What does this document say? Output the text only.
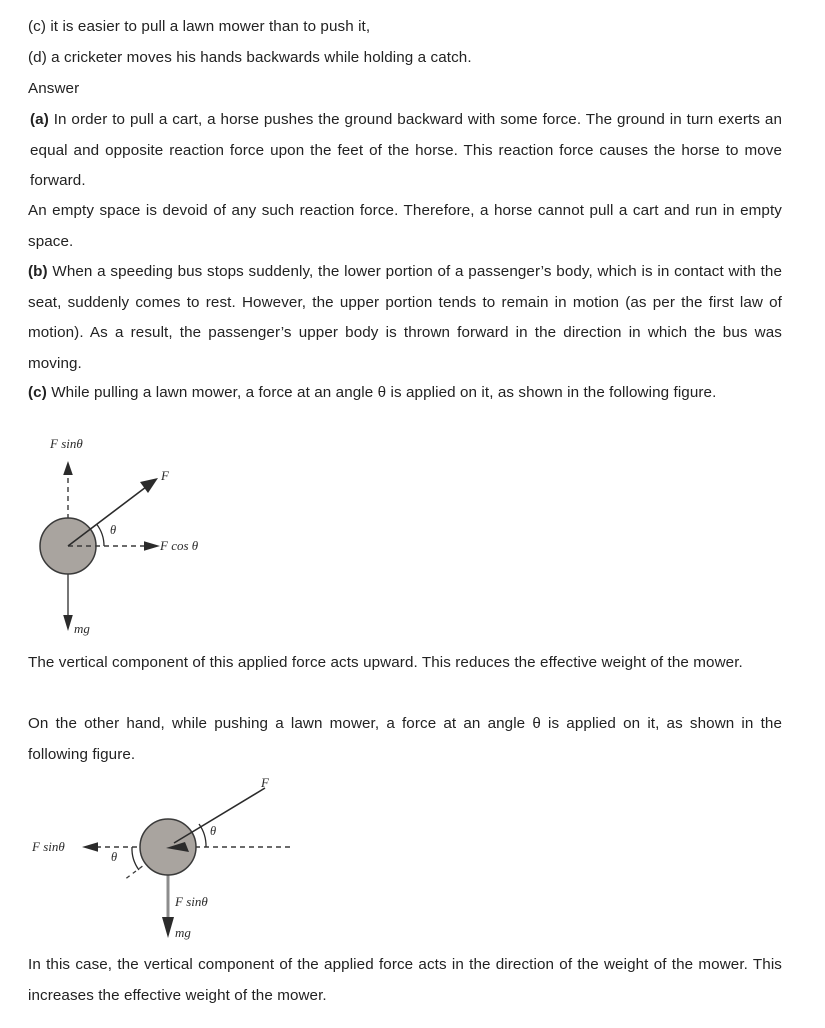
(c) it is easier to pull a lawn mower than to push it,
(d) a cricketer moves his hands backwards while holding a catch.
Answer
(a) In order to pull a cart, a horse pushes the ground backward with some force. The ground in turn exerts an equal and opposite reaction force upon the feet of the horse. This reaction force causes the horse to move forward.
An empty space is devoid of any such reaction force. Therefore, a horse cannot pull a cart and run in empty space.
(b) When a speeding bus stops suddenly, the lower portion of a passenger’s body, which is in contact with the seat, suddenly comes to rest. However, the upper portion tends to remain in motion (as per the first law of motion). As a result, the passenger’s upper body is thrown forward in the direction in which the bus was moving.
(c) While pulling a lawn mower, a force at an angle θ is applied on it, as shown in the following figure.
F sinθ
F
F cos θ
mg
θ
The vertical component of this applied force acts upward. This reduces the effective weight of the mower.
On the other hand, while pushing a lawn mower, a force at an angle θ is applied on it, as shown in the following figure.
F sinθ
F
F sinθ
mg
θ
θ
In this case, the vertical component of the applied force acts in the direction of the weight of the mower. This increases the effective weight of the mower.
